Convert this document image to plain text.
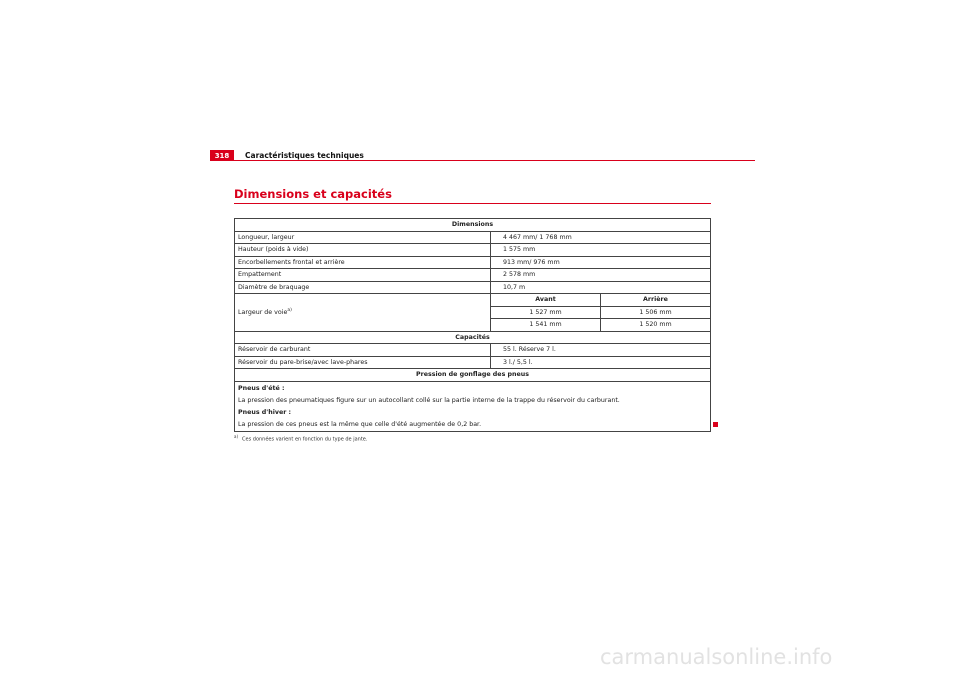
318	Caractéristiques techniques
Dimensions et capacités
Dimensions		
Longueur, largeur	4 467 mm/ 1 768 mm	
Hauteur (poids à vide)	1 575 mm	
Encorbellements frontal et arrière	913 mm/ 976 mm	
Empattement	2 578 mm	
Diamètre de braquage	10,7 m	
Largeur de voie$^{a)}$	Avant	Arrière
	1 527 mm	1 506 mm
	1 541 mm	1 520 mm
Capacités		
Réservoir de carburant	55 l. Réserve 7 l.	
Réservoir du pare-brise/avec lave-phares	3 l./ 5,5 l.	
Pression de gonflage des pneus		

Pneus d'été :

La pression des pneumatiques figure sur un autocollant collé sur la partie interne de la trappe du réservoir du carburant.

Pneus d'hiver :

La pression de ces pneus est la même que celle d'été augmentée de 0,2 bar.		

$^{a)}$Ces données varient en fonction du type de jante.
carmanualsonline.info
